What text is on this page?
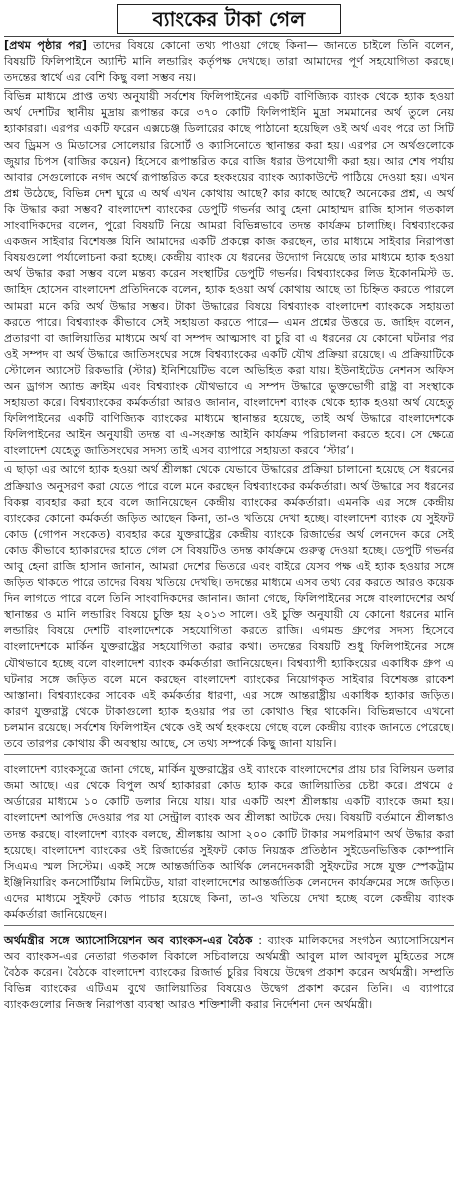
ব্যাংকের টাকা গেল

[প্রথম পৃষ্ঠার পর] তাদের বিষয়ে কোনো তথ্য পাওয়া গেছে কিনা— জানতে চাইলে তিনি বলেন, বিষয়টি ফিলিপাইনে অ্যান্টি মানি লন্ডারিং কর্তৃপক্ষ দেখছে। তারা আমাদের পূর্ণ সহযোগিতা করছে। তদন্তের স্বার্থে এর বেশি কিছু বলা সম্ভব নয়।

বিভিন্ন মাধ্যমে প্রাপ্ত তথ্য অনুযায়ী সর্বশেষ ফিলিপাইনের একটি বাণিজ্যিক ব্যাংক থেকে হ্যাক হওয়া অর্থ দেশটির স্থানীয় মুদ্রায় রূপান্তর করে ৩৭০ কোটি ফিলিপাইনি মুদ্রা সমমানের অর্থ তুলে নেয় হ্যাকাররা। এরপর একটি ফরেন এক্সচেঞ্জ ডিলারের কাছে পাঠানো হয়েছিল ওই অর্থ এবং পরে তা সিটি অব ড্রিমস ও মিডাসের সোলেয়ার রিসোর্ট ও ক্যাসিনোতে স্থানান্তর করা হয়। এরপর সে অর্থগুলোকে জুয়ার চিপস (বাজির কয়েন) হিসেবে রূপান্তরিত করে বাজি ধরার উপযোগী করা হয়। আর শেষ পর্যায় আবার সেগুলোকে নগদ অর্থে রূপান্তরিত করে হংকংয়ের ব্যাংক অ্যাকাউন্টে পাঠিয়ে দেওয়া হয়। এখন প্রশ্ন উঠেছে, বিভিন্ন দেশ ঘুরে এ অর্থ এখন কোথায় আছে? কার কাছে আছে? অনেকের প্রশ্ন, এ অর্থ কি উদ্ধার করা সম্ভব? বাংলাদেশ ব্যাংকের ডেপুটি গভর্নর আবু হেনা মোহাম্মদ রাজি হাসান গতকাল সাংবাদিকদের বলেন, পুরো বিষয়টি নিয়ে আমরা বিভিন্নভাবে তদন্ত কার্যক্রম চালাচ্ছি। বিশ্বব্যাংকের একজন সাইবার বিশেষজ্ঞ যিনি আমাদের একটি প্রকল্পে কাজ করছেন, তার মাধ্যমে সাইবার নিরাপত্তা বিষয়গুলো পর্যালোচনা করা হচ্ছে। কেন্দ্রীয় ব্যাংক যে ধরনের উদ্যোগ নিয়েছে তার মাধ্যমে হ্যাক হওয়া অর্থ উদ্ধার করা সম্ভব বলে মন্তব্য করেন সংস্থাটির ডেপুটি গভর্নর। বিশ্বব্যাংকের লিড ইকোনমিস্ট ড. জাহিদ হোসেন বাংলাদেশ প্রতিদিনকে বলেন, হ্যাক হওয়া অর্থ কোথায় আছে তা চিহ্নিত করতে পারলে আমরা মনে করি অর্থ উদ্ধার সম্ভব। টাকা উদ্ধারের বিষয়ে বিশ্বব্যাংক বাংলাদেশ ব্যাংককে সহায়তা করতে পারে। বিশ্বব্যাংক কীভাবে সেই সহায়তা করতে পারে— এমন প্রশ্নের উত্তরে ড. জাহিদ বলেন, প্রতারণা বা জালিয়াতির মাধ্যমে অর্থ বা সম্পদ আত্মসাৎ বা চুরি বা এ ধরনের যে কোনো ঘটনার পর ওই সম্পদ বা অর্থ উদ্ধারে জাতিসংঘের সঙ্গে বিশ্বব্যাংকের একটি যৌথ প্রক্রিয়া রয়েছে। এ প্রক্রিয়াটিকে স্টোলেন অ্যাসেট রিকভারি (স্টার) ইনিশিয়েটিভ বলে অভিহিত করা যায়। ইউনাইটেড নেশনস অফিস অন ড্রাগস অ্যান্ড ক্রাইম এবং বিশ্বব্যাংক যৌথভাবে এ সম্পদ উদ্ধারে ভুক্তভোগী রাষ্ট্র বা সংস্থাকে সহায়তা করে। বিশ্বব্যাংকের কর্মকর্তারা আরও জানান, বাংলাদেশ ব্যাংক থেকে হ্যাক হওয়া অর্থ যেহেতু ফিলিপাইনের একটি বাণিজ্যিক ব্যাংকের মাধ্যমে স্থানান্তর হয়েছে, তাই অর্থ উদ্ধারে বাংলাদেশকে ফিলিপাইনের আইন অনুযায়ী তদন্ত বা এ-সংক্রান্ত আইনি কার্যক্রম পরিচালনা করতে হবে। সে ক্ষেত্রে বাংলাদেশ যেহেতু জাতিসংঘের সদস্য তাই এসব ব্যাপারে সহায়তা করবে ‘স্টার’।

এ ছাড়া এর আগে হ্যাক হওয়া অর্থ শ্রীলঙ্কা থেকে যেভাবে উদ্ধারের প্রক্রিয়া চালানো হয়েছে সে ধরনের প্রক্রিয়াও অনুসরণ করা যেতে পারে বলে মনে করছেন বিশ্বব্যাংকের কর্মকর্তারা। অর্থ উদ্ধারে সব ধরনের বিকল্প ব্যবহার করা হবে বলে জানিয়েছেন কেন্দ্রীয় ব্যাংকের কর্মকর্তারা। এমনকি এর সঙ্গে কেন্দ্রীয় ব্যাংকের কোনো কর্মকর্তা জড়িত আছেন কিনা, তা-ও খতিয়ে দেখা হচ্ছে। বাংলাদেশ ব্যাংক যে সুইফট কোড (গোপন সংকেত) ব্যবহার করে যুক্তরাষ্ট্রের কেন্দ্রীয় ব্যাংকে রিজার্ভের অর্থ লেনদেন করে সেই কোড কীভাবে হ্যাকারদের হাতে গেল সে বিষয়টিও তদন্ত কার্যক্রমে গুরুত্ব দেওয়া হচ্ছে। ডেপুটি গভর্নর আবু হেনা রাজি হাসান জানান, আমরা দেশের ভিতরে এবং বাইরে যেসব পক্ষ এই হ্যাক হওয়ার সঙ্গে জড়িত থাকতে পারে তাদের বিষয় খতিয়ে দেখছি। তদন্তের মাধ্যমে এসব তথ্য বের করতে আরও কয়েক দিন লাগতে পারে বলে তিনি সাংবাদিকদের জানান। জানা গেছে, ফিলিপাইনের সঙ্গে বাংলাদেশের অর্থ স্থানান্তর ও মানি লন্ডারিং বিষয়ে চুক্তি হয় ২০১৩ সালে। ওই চুক্তি অনুযায়ী যে কোনো ধরনের মানি লন্ডারিং বিষয়ে দেশটি বাংলাদেশকে সহযোগিতা করতে রাজি। এগমন্ড গ্রুপের সদস্য হিসেবে বাংলাদেশকে মার্কিন যুক্তরাষ্ট্রের সহযোগিতা করার কথা। তদন্তের বিষয়টি শুধু ফিলিপাইনের সঙ্গে যৌথভাবে হচ্ছে বলে বাংলাদেশ ব্যাংক কর্মকর্তারা জানিয়েছেন। বিশ্বব্যাপী হ্যাকিংয়ের একাধিক গ্রুপ এ ঘটনার সঙ্গে জড়িত বলে মনে করছেন বাংলাদেশ ব্যাংকের নিয়োগকৃত সাইবার বিশেষজ্ঞ রাকেশ আস্তানা। বিশ্বব্যাংকের সাবেক এই কর্মকর্তার ধারণা, এর সঙ্গে আন্তরাষ্ট্রীয় একাধিক হ্যাকার জড়িত। কারণ যুক্তরাষ্ট্র থেকে টাকাগুলো হ্যাক হওয়ার পর তা কোথাও স্থির থাকেনি। বিভিন্নভাবে এখনো চলমান রয়েছে। সর্বশেষ ফিলিপাইন থেকে ওই অর্থ হংকংয়ে গেছে বলে কেন্দ্রীয় ব্যাংক জানতে পেরেছে। তবে তারপর কোথায় কী অবস্থায় আছে, সে তথ্য সম্পর্কে কিছু জানা যায়নি।

বাংলাদেশ ব্যাংকসূত্রে জানা গেছে, মার্কিন যুক্তরাষ্ট্রের ওই ব্যাংকে বাংলাদেশের প্রায় চার বিলিয়ন ডলার জমা আছে। এর থেকে বিপুল অর্থ হ্যাকাররা কোড হ্যাক করে জালিয়াতির চেষ্টা করে। প্রথমে ৫ অর্ডারের মাধ্যমে ১০ কোটি ডলার নিয়ে যায়। যার একটি অংশ শ্রীলঙ্কায় একটি ব্যাংকে জমা হয়। বাংলাদেশ আপত্তি দেওয়ার পর যা সেন্ট্রাল ব্যাংক অব শ্রীলঙ্কা আটকে দেয়। বিষয়টি বর্তমানে শ্রীলঙ্কাও তদন্ত করছে। বাংলাদেশ ব্যাংক বলছে, শ্রীলঙ্কায় আসা ২০০ কোটি টাকার সমপরিমাণ অর্থ উদ্ধার করা হয়েছে। বাংলাদেশ ব্যাংকের ওই রিজার্ভের সুইফট কোড নিয়ন্ত্রক প্রতিষ্ঠান সুইডেনভিত্তিক কোম্পানি সিএমএ স্মল সিস্টেম। একই সঙ্গে আন্তর্জাতিক আর্থিক লেনদেনকারী সুইফটের সঙ্গে যুক্ত স্পেকট্রাম ইঞ্জিনিয়ারিং কনসোর্টিয়াম লিমিটেড, যারা বাংলাদেশের আন্তর্জাতিক লেনদেন কার্যক্রমের সঙ্গে জড়িত। এদের মাধ্যমে সুইফট কোড পাচার হয়েছে কিনা, তা-ও খতিয়ে দেখা হচ্ছে বলে কেন্দ্রীয় ব্যাংক কর্মকর্তারা জানিয়েছেন।

অর্থমন্ত্রীর সঙ্গে অ্যাসোসিয়েশন অব ব্যাংকস-এর বৈঠক : ব্যাংক মালিকদের সংগঠন অ্যাসোসিয়েশন অব ব্যাংকস-এর নেতারা গতকাল বিকালে সচিবালয়ে অর্থমন্ত্রী আবুল মাল আবদুল মুহিতের সঙ্গে বৈঠক করেন। বৈঠকে বাংলাদেশ ব্যাংকের রিজার্ভ চুরির বিষয়ে উদ্বেগ প্রকাশ করেন অর্থমন্ত্রী। সম্প্রতি বিভিন্ন ব্যাংকের এটিএম বুথে জালিয়াতির বিষয়েও উদ্বেগ প্রকাশ করেন তিনি। এ ব্যাপারে ব্যাংকগুলোর নিজস্ব নিরাপত্তা ব্যবস্থা আরও শক্তিশালী করার নির্দেশনা দেন অর্থমন্ত্রী।
